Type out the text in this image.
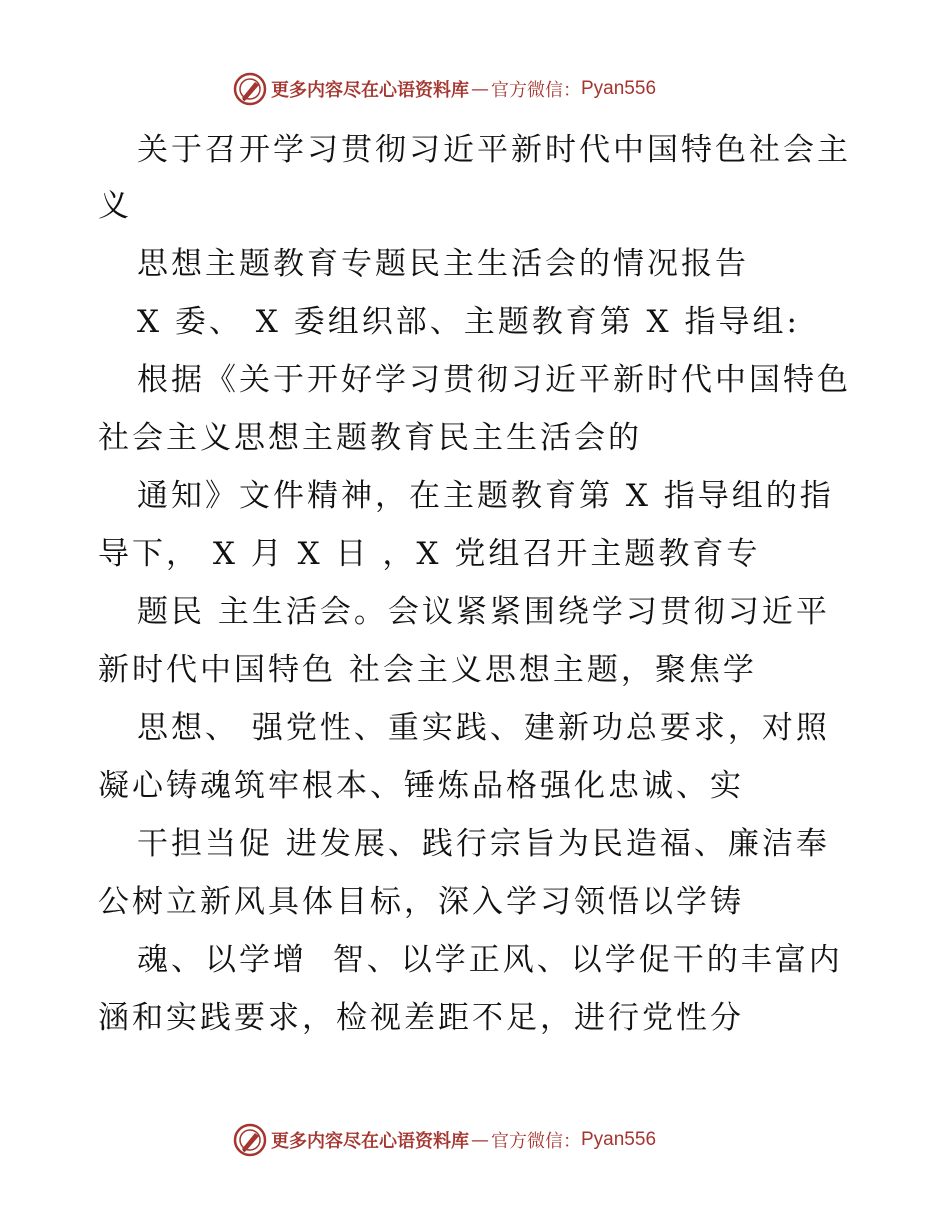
更多内容尽在心语资料库 — 官方微信： Pyan556

关于召开学习贯彻习近平新时代中国特色社会主

义

思想主题教育专题民主生活会的情况报告

X 委、 X 委组织部、主题教育第 X 指导组:

根据《关于开好学习贯彻习近平新时代中国特色

社会主义思想主题教育民主生活会的

通知》文件精神，在主题教育第 X 指导组的指

导下， X 月 X 日 ，X 党组召开主题教育专

题民 主生活会。会议紧紧围绕学习贯彻习近平

新时代中国特色 社会主义思想主题，聚焦学

思想、 强党性、重实践、建新功总要求，对照

凝心铸魂筑牢根本、锤炼品格强化忠诚、实

干担当促 进发展、践行宗旨为民造福、廉洁奉

公树立新风具体目标，深入学习领悟以学铸

魂、以学增  智、以学正风、以学促干的丰富内

涵和实践要求，检视差距不足，进行党性分

更多内容尽在心语资料库 — 官方微信： Pyan556
